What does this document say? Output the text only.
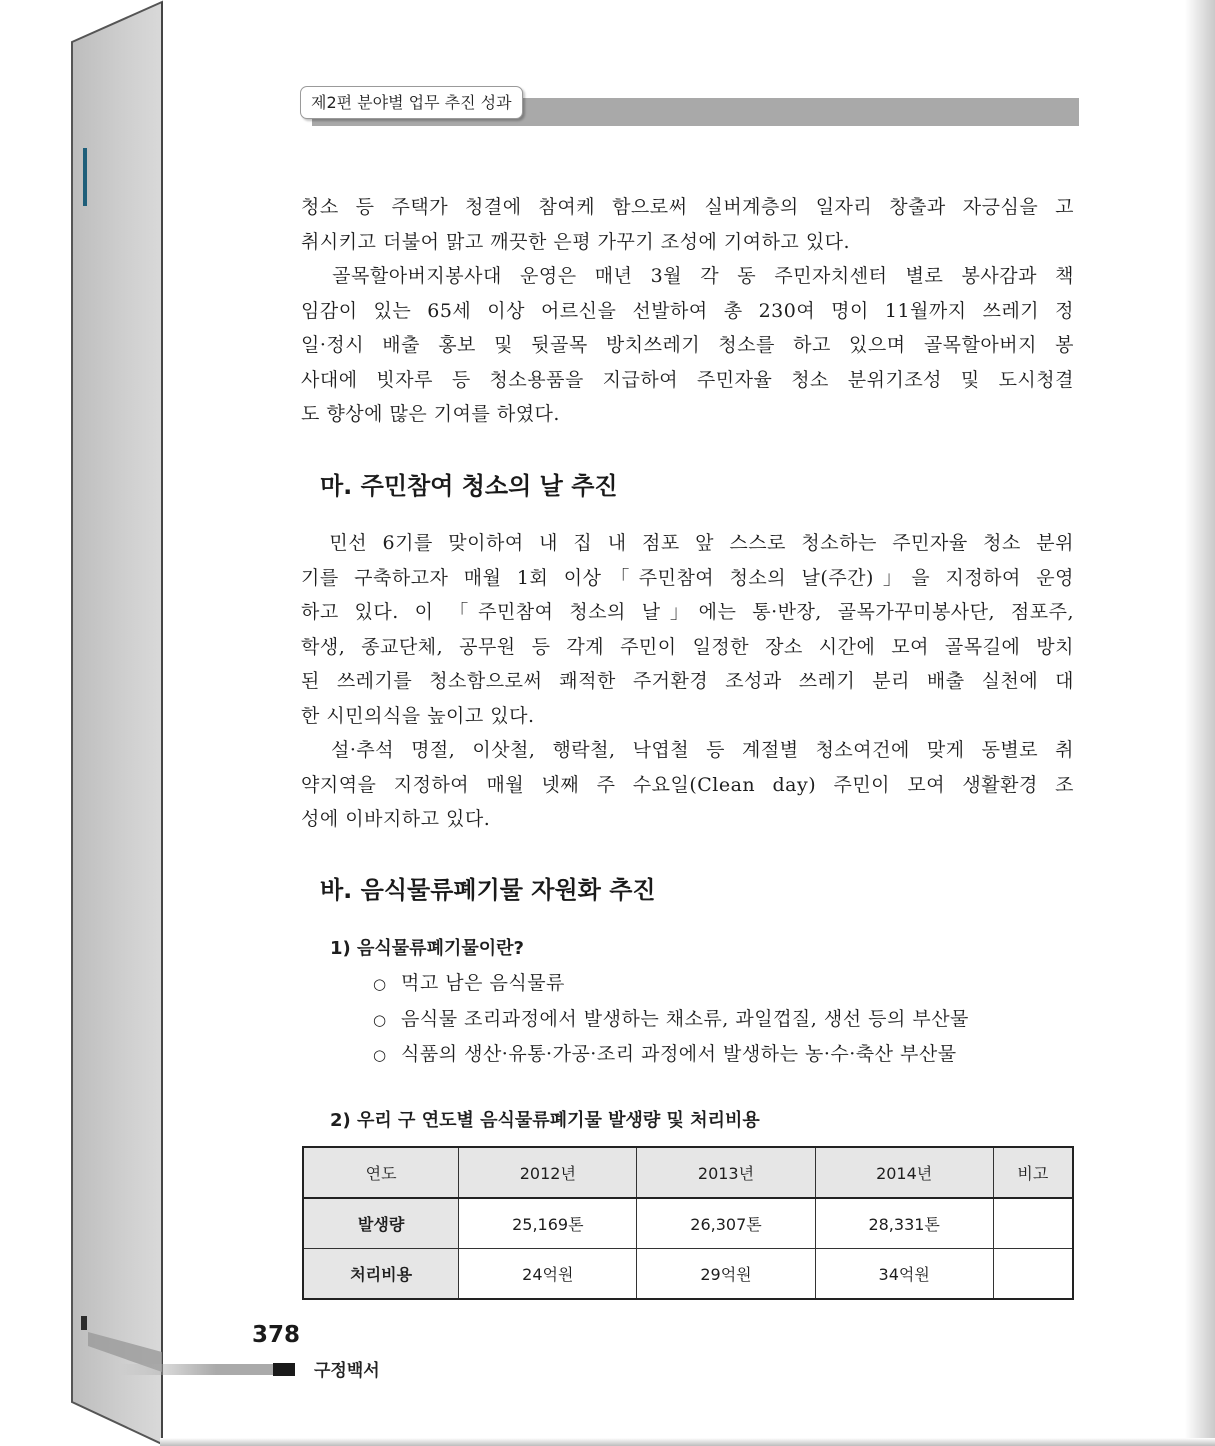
제2편 분야별 업무 추진 성과

청소 등 주택가 청결에 참여케 함으로써 실버계층의 일자리 창출과 자긍심을 고
취시키고 더불어 맑고 깨끗한 은평 가꾸기 조성에 기여하고 있다.

　골목할아버지봉사대 운영은 매년 3월 각 동 주민자치센터 별로 봉사감과 책
임감이 있는 65세 이상 어르신을 선발하여 총 230여 명이 11월까지 쓰레기 정
일·정시 배출 홍보 및 뒷골목 방치쓰레기 청소를 하고 있으며 골목할아버지 봉
사대에 빗자루 등 청소용품을 지급하여 주민자율 청소 분위기조성 및 도시청결
도 향상에 많은 기여를 하였다.

마. 주민참여 청소의 날 추진

　민선 6기를 맞이하여 내 집 내 점포 앞 스스로 청소하는 주민자율 청소 분위
기를 구축하고자 매월 1회 이상「주민참여 청소의 날(주간)」을 지정하여 운영
하고 있다. 이 「주민참여 청소의 날」에는 통·반장, 골목가꾸미봉사단, 점포주,
학생, 종교단체, 공무원 등 각계 주민이 일정한 장소 시간에 모여 골목길에 방치
된 쓰레기를 청소함으로써 쾌적한 주거환경 조성과 쓰레기 분리 배출 실천에 대
한 시민의식을 높이고 있다.

　설·추석 명절, 이삿철, 행락철, 낙엽철 등 계절별 청소여건에 맞게 동별로 취
약지역을 지정하여 매월 넷째 주 수요일(Clean day) 주민이 모여 생활환경 조
성에 이바지하고 있다.

바. 음식물류폐기물 자원화 추진
1) 음식물류폐기물이란?
○ 먹고 남은 음식물류
○ 음식물 조리과정에서 발생하는 채소류, 과일껍질, 생선 등의 부산물
○ 식품의 생산·유통·가공·조리 과정에서 발생하는 농·수·축산 부산물
2) 우리 구 연도별 음식물류폐기물 발생량 및 처리비용
연도	2012년	2013년	2014년	비고
발생량	25,169톤	26,307톤	28,331톤	
처리비용	24억원	29억원	34억원	

378

구정백서
